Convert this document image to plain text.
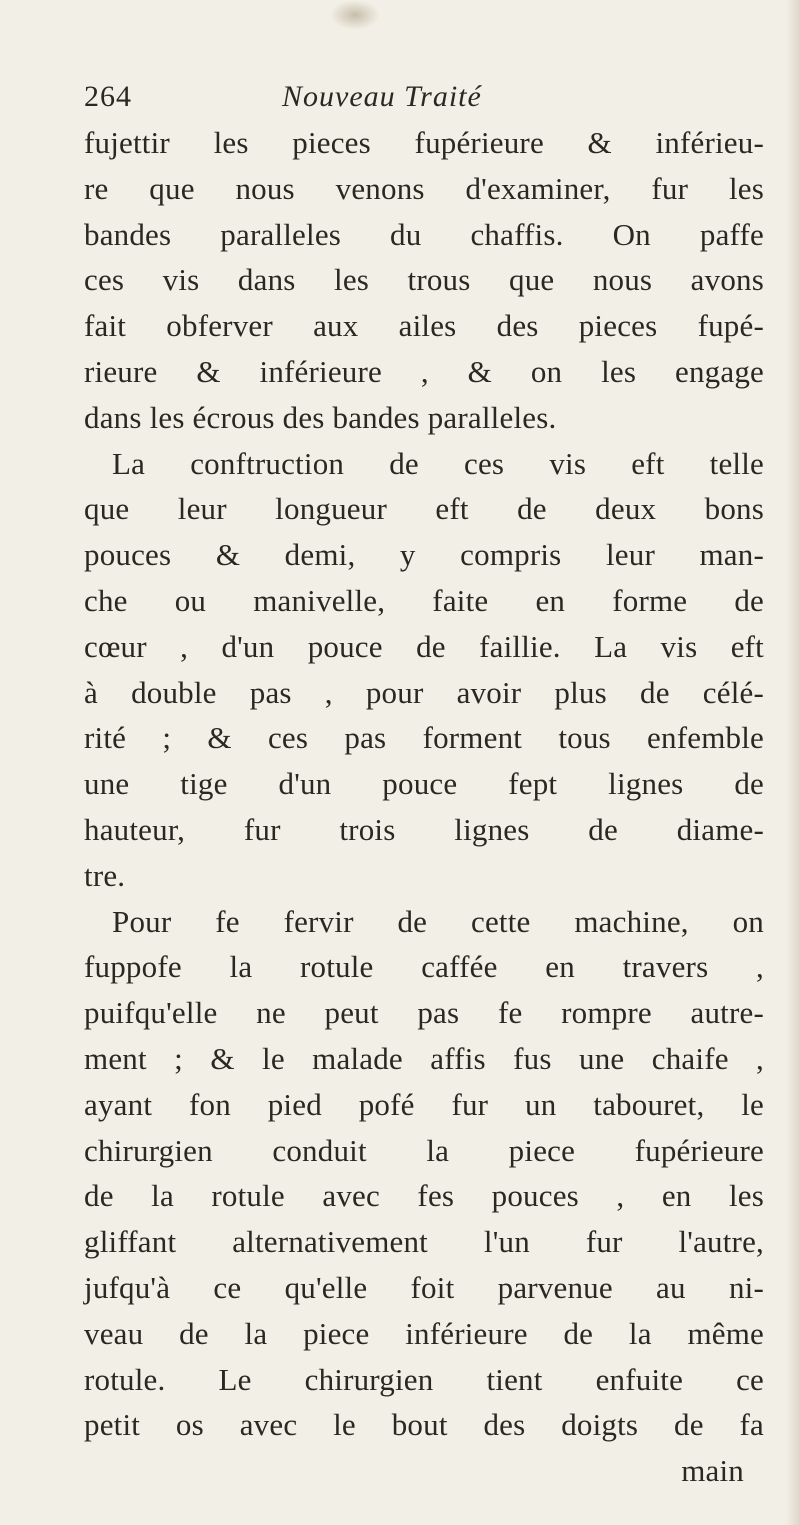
264	Nouveau Traité
fujettir les pieces fupérieure & inférieu-
re que nous venons d'examiner, fur les
bandes paralleles du chaffis. On paffe
ces vis dans les trous que nous avons
fait obferver aux ailes des pieces fupé-
rieure & inférieure , & on les engage
dans les écrous des bandes paralleles.
La conftruction de ces vis eft telle
que leur longueur eft de deux bons
pouces & demi, y compris leur man-
che ou manivelle, faite en forme de
cœur , d'un pouce de faillie. La vis eft
à double pas , pour avoir plus de célé-
rité ; & ces pas forment tous enfemble
une tige d'un pouce fept lignes de
hauteur, fur trois lignes de diame-
tre.
Pour fe fervir de cette machine, on
fuppofe la rotule caffée en travers ,
puifqu'elle ne peut pas fe rompre autre-
ment ; & le malade affis fus une chaife ,
ayant fon pied pofé fur un tabouret, le
chirurgien conduit la piece fupérieure
de la rotule avec fes pouces , en les
gliffant alternativement l'un fur l'autre,
jufqu'à ce qu'elle foit parvenue au ni-
veau de la piece inférieure de la même
rotule. Le chirurgien tient enfuite ce
petit os avec le bout des doigts de fa
main
